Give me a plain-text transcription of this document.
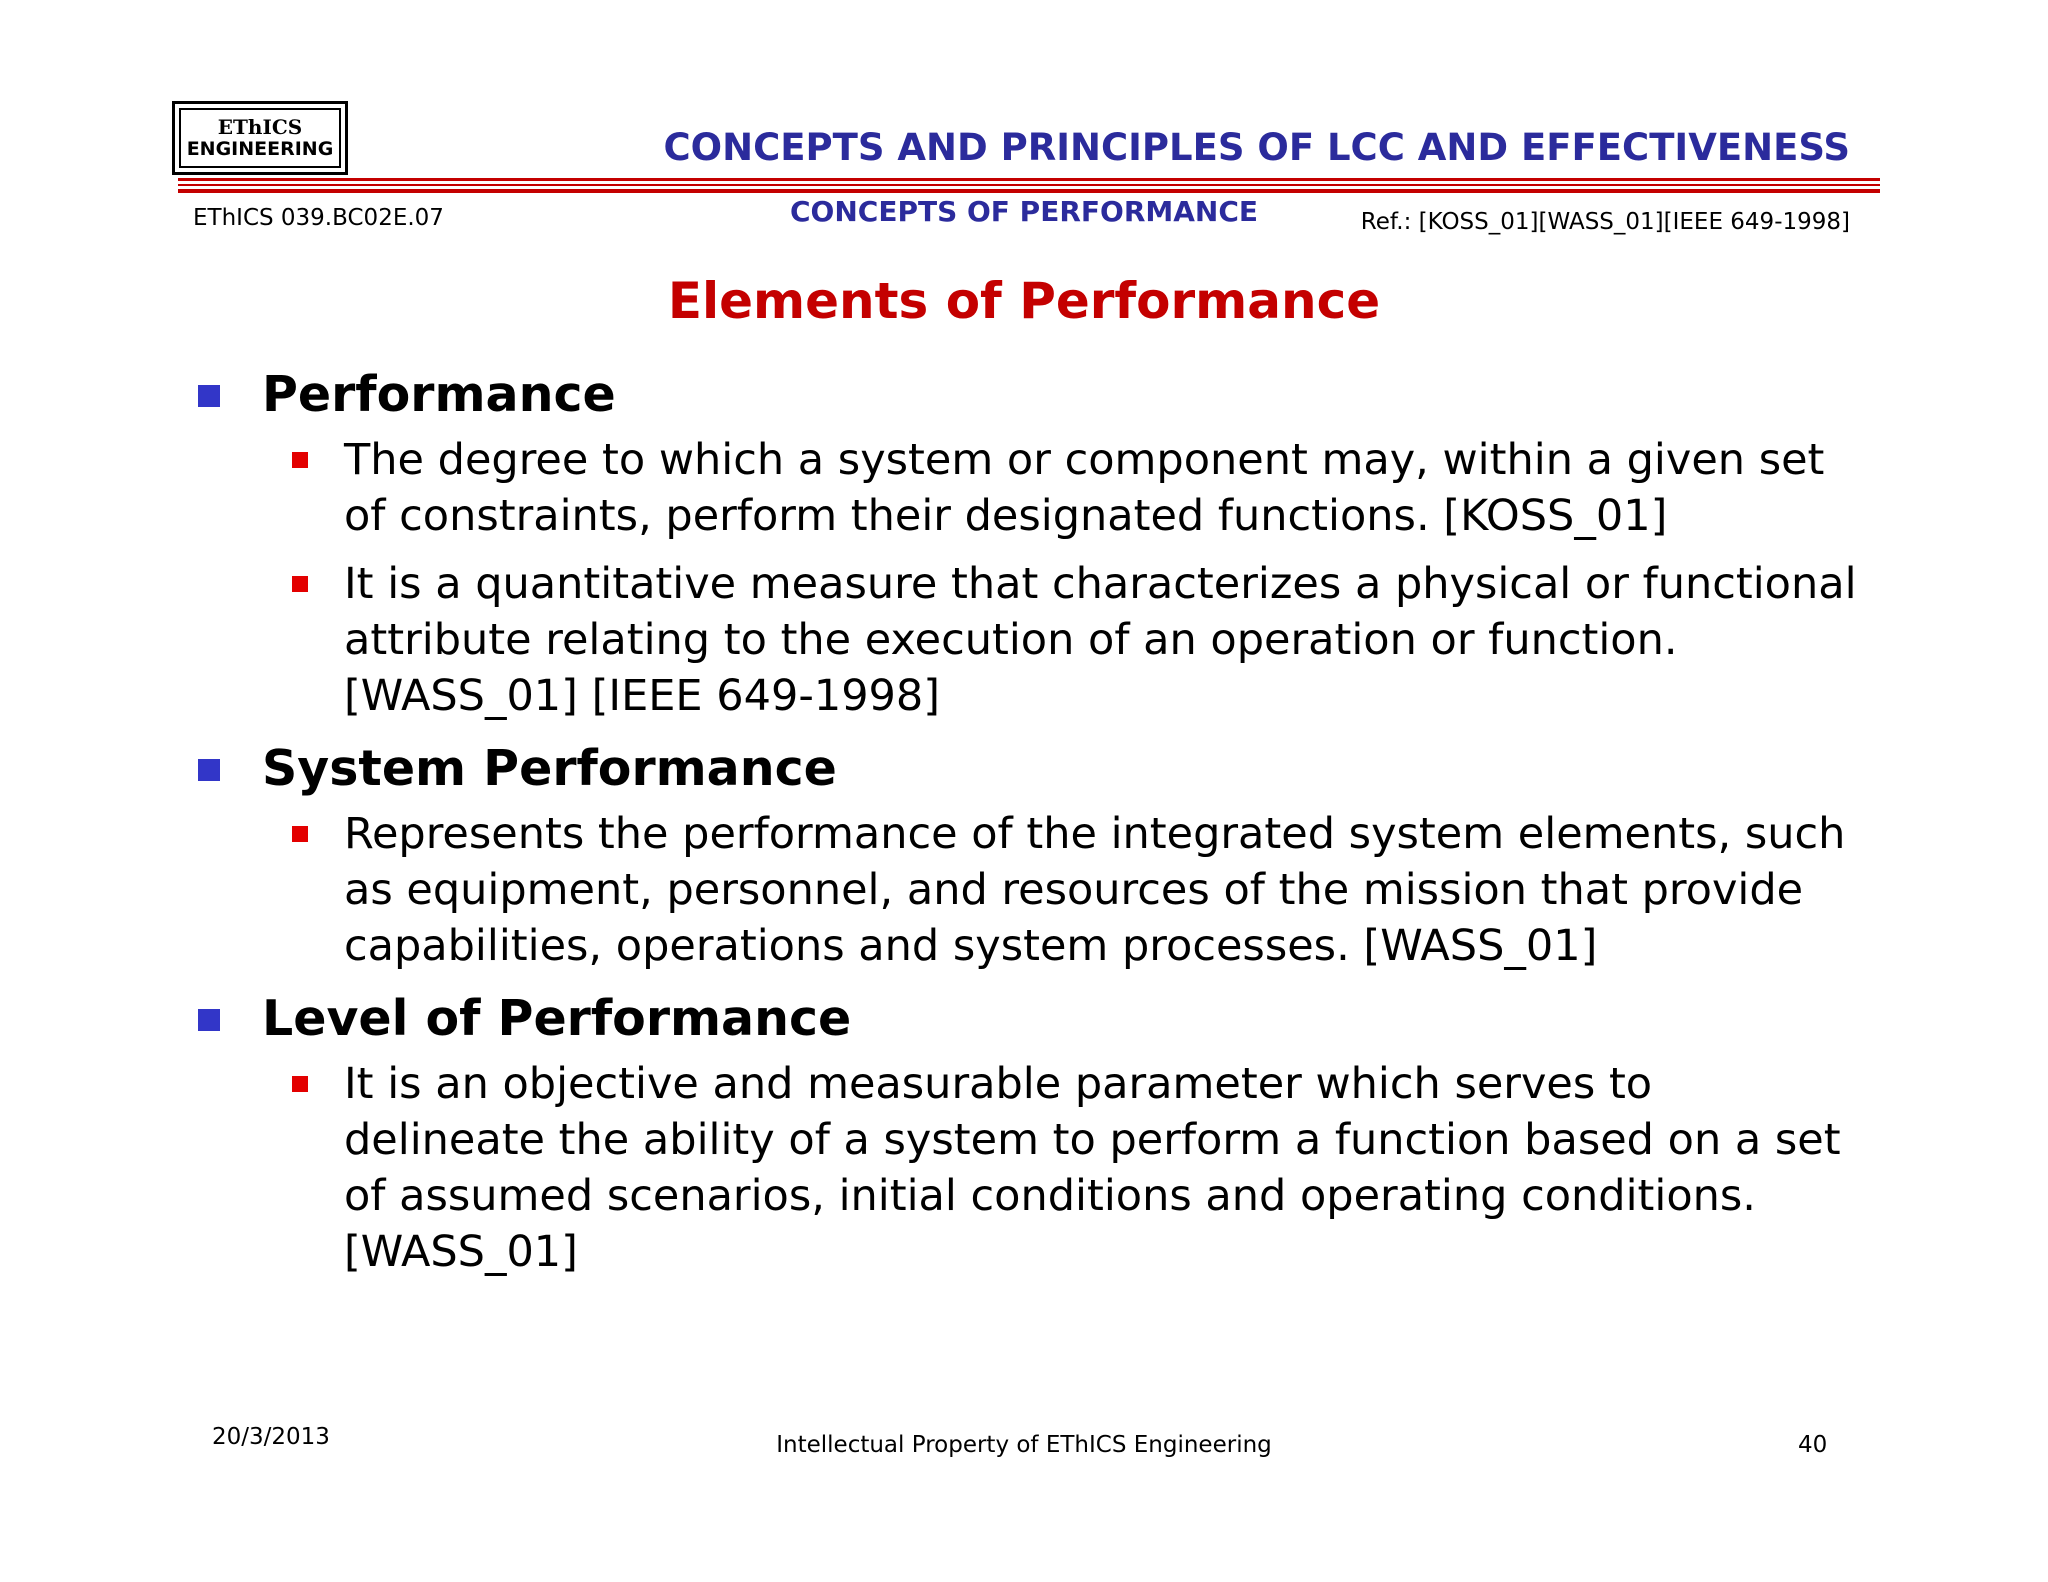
EThICS
ENGINEERING	CONCEPTS AND PRINCIPLES OF LCC AND EFFECTIVENESS
EThICS 039.BC02E.07	CONCEPTS OF PERFORMANCE	Ref.: [KOSS_01][WASS_01][IEEE 649-1998]
Elements of Performance
Performance
The degree to which a system or component may, within a given set of constraints, perform their designated functions. [KOSS_01]
It is a quantitative measure that characterizes a physical or functional attribute relating to the execution of an operation or function. [WASS_01] [IEEE 649-1998]
System Performance
Represents the performance of the integrated system elements, such as equipment, personnel, and resources of the mission that provide capabilities, operations and system processes. [WASS_01]
Level of Performance
It is an objective and measurable parameter which serves to delineate the ability of a system to perform a function based on a set of assumed scenarios, initial conditions and operating conditions. [WASS_01]
20/3/2013	Intellectual Property of EThICS Engineering	40
